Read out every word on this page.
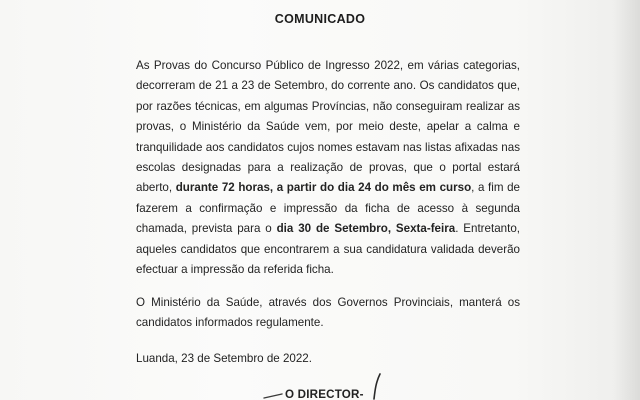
COMUNICADO

As Provas do Concurso Público de Ingresso 2022, em várias categorias,
decorreram de 21 a 23 de Setembro, do corrente ano. Os candidatos que, por razões técnicas, em algumas Províncias, não conseguiram realizar as provas, o Ministério da Saúde vem, por meio deste, apelar a calma e tranquilidade aos candidatos cujos nomes estavam nas listas afixadas nas escolas designadas para a realização de provas, que o portal estará aberto, durante 72 horas, a partir do dia 24 do mês em curso, a fim de fazerem a confirmação e impressão da ficha de acesso à segunda chamada, prevista para o dia 30 de Setembro, Sexta-feira. Entretanto, aqueles candidatos que encontrarem a sua candidatura validada deverão efectuar a impressão da referida ficha.

O Ministério da Saúde, através dos Governos Provinciais, manterá os candidatos informados regulamente.

Luanda, 23 de Setembro de 2022.

O DIRECTOR-
